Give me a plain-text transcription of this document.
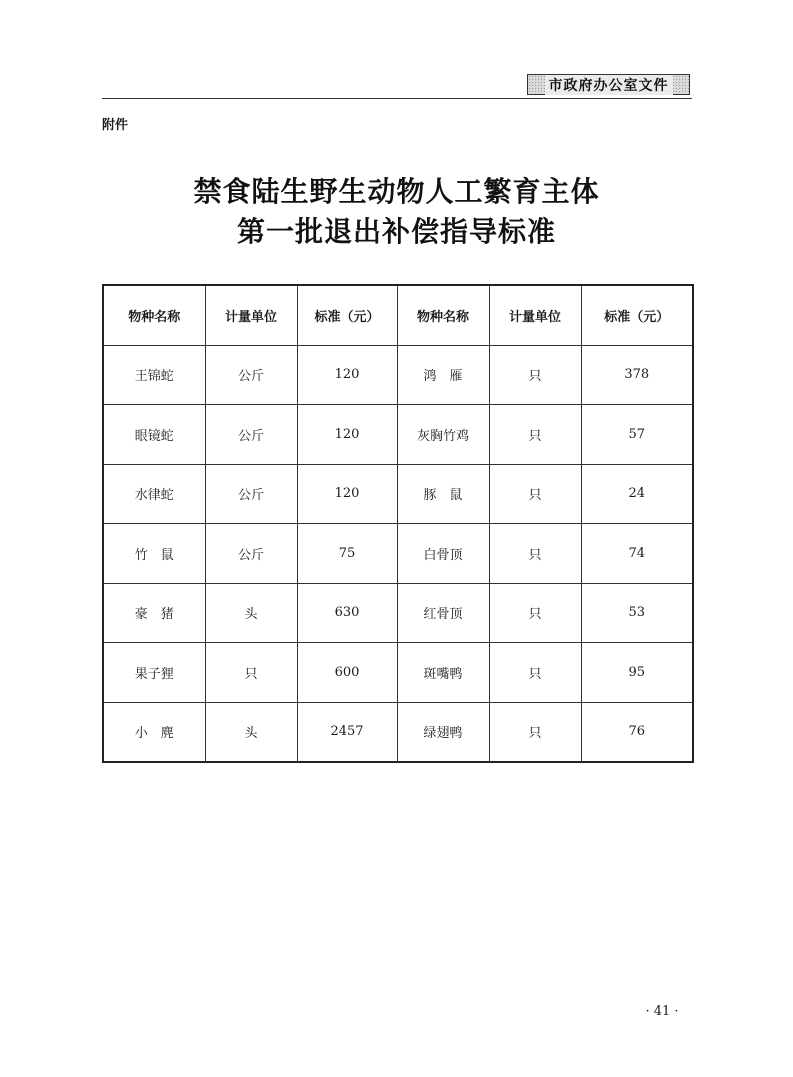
市政府办公室文件
附件
禁食陆生野生动物人工繁育主体
第一批退出补偿指导标准
物种名称	计量单位	标准（元）	物种名称	计量单位	标准（元）
王锦蛇	公斤	120	鸿　雁	只	378
眼镜蛇	公斤	120	灰胸竹鸡	只	57
水律蛇	公斤	120	豚　鼠	只	24
竹　鼠	公斤	75	白骨顶	只	74
豪　猪	头	630	红骨顶	只	53
果子狸	只	600	斑嘴鸭	只	95
小　麂	头	2457	绿翅鸭	只	76
· 41 ·
